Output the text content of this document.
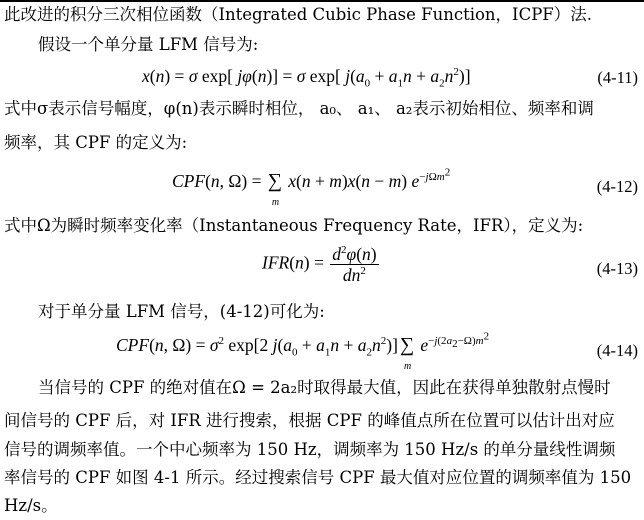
此改进的积分三次相位函数（Integrated Cubic Phase Function，ICPF）法.
假设一个单分量 LFM 信号为:
x(n) = σ exp[ jφ(n)] = σ exp[ $j(a_0 + a_1n + a_2n^2)$]	(4-11)
式中σ表示信号幅度，φ(n)表示瞬时相位， a₀、 a₁、 a₂表示初始相位、频率和调
频率，其 CPF 的定义为:
CPF(n, Ω) = ∑
m
x(n + m)x(n − m) $e^{-j\Omega m^2}$
(4-12)
式中Ω为瞬时频率变化率（Instantaneous Frequency Rate，IFR），定义为:
$IFR(n) = \frac{d^2\varphi(n)}{dn^2}$	(4-13)
对于单分量 LFM 信号，(4-12)可化为:
CPF(n, $\Omega) = \sigma^2$ exp[2 $j(a_0 + a_1n + a_2n^2)]\sum$
m
$e^{-j(2a_2-\Omega)m^2}$
(4-14)
当信号的 CPF 的绝对值在Ω = 2a₂时取得最大值，因此在获得单独散射点慢时
间信号的 CPF 后，对 IFR 进行搜索，根据 CPF 的峰值点所在位置可以估计出对应
信号的调频率值。一个中心频率为 150 Hz，调频率为 150 Hz/s 的单分量线性调频
率信号的 CPF 如图 4-1 所示。经过搜索信号 CPF 最大值对应位置的调频率值为 150
Hz/s。
